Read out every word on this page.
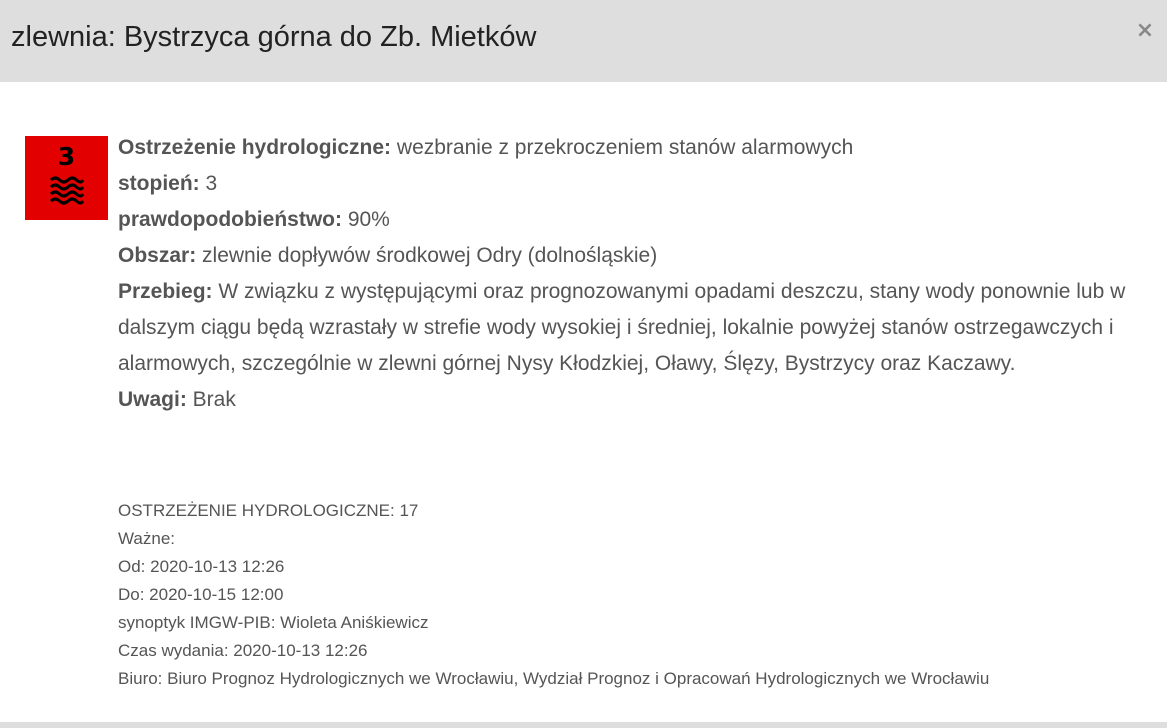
zlewnia: Bystrzyca górna do Zb. Mietków	×
3	Ostrzeżenie hydrologiczne: wezbranie z przekroczeniem stanów alarmowych

stopień: 3

prawdopodobieństwo: 90%

Obszar: zlewnie dopływów środkowej Odry (dolnośląskie)

Przebieg: W związku z występującymi oraz prognozowanymi opadami deszczu, stany wody ponownie lub w dalszym ciągu będą wzrastały w strefie wody wysokiej i średniej, lokalnie powyżej stanów ostrzegawczych i alarmowych, szczególnie w zlewni górnej Nysy Kłodzkiej, Oławy, Ślęzy, Bystrzycy oraz Kaczawy.

Uwagi: Brak

OSTRZEŻENIE HYDROLOGICZNE: 17

Ważne:

Od: 2020-10-13 12:26

Do: 2020-10-15 12:00

synoptyk IMGW-PIB: Wioleta Aniśkiewicz

Czas wydania: 2020-10-13 12:26

Biuro: Biuro Prognoz Hydrologicznych we Wrocławiu, Wydział Prognoz i Opracowań Hydrologicznych we Wrocławiu
